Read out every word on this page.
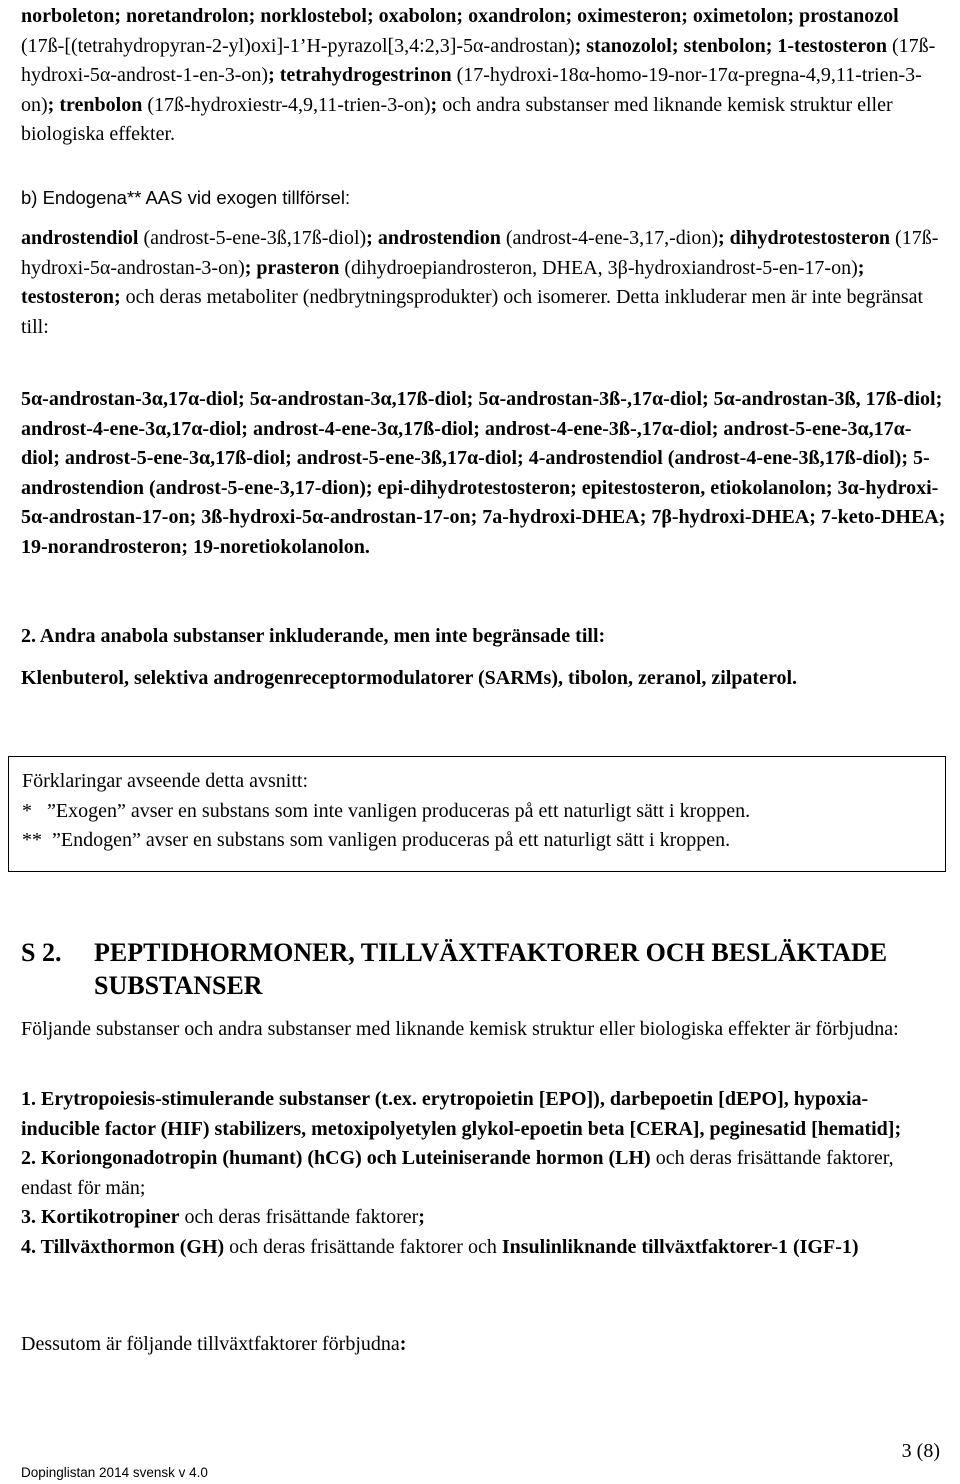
norboleton; noretandrolon; norklostebol; oxabolon; oxandrolon; oximesteron; oximetolon; prostanozol (17ß-[(tetrahydropyran-2-yl)oxi]-1’H-pyrazol[3,4:2,3]-5α-androstan); stanozolol; stenbolon; 1-testosteron (17ß-hydroxi-5α-androst-1-en-3-on); tetrahydrogestrinon (17-hydroxi-18α-homo-19-nor-17α-pregna-4,9,11-trien-3-on); trenbolon (17ß-hydroxiestr-4,9,11-trien-3-on); och andra substanser med liknande kemisk struktur eller biologiska effekter.

b) Endogena** AAS vid exogen tillförsel:

androstendiol (androst-5-ene-3ß,17ß-diol); androstendion (androst-4-ene-3,17,-dion); dihydrotestosteron (17ß-hydroxi-5α-androstan-3-on); prasteron (dihydroepiandrosteron, DHEA, 3β-hydroxiandrost-5-en-17-on); testosteron; och deras metaboliter (nedbrytningsprodukter) och isomerer. Detta inkluderar men är inte begränsat till:

5α-androstan-3α,17α-diol; 5α-androstan-3α,17ß-diol; 5α-androstan-3ß-,17α-diol; 5α-androstan-3ß, 17ß-diol; androst-4-ene-3α,17α-diol; androst-4-ene-3α,17ß-diol; androst-4-ene-3ß-,17α-diol; androst-5-ene-3α,17α-diol; androst-5-ene-3α,17ß-diol; androst-5-ene-3ß,17α-diol; 4-androstendiol (androst-4-ene-3ß,17ß-diol); 5-androstendion (androst-5-ene-3,17-dion); epi-dihydrotestosteron; epitestosteron, etiokolanolon; 3α-hydroxi-5α-androstan-17-on; 3ß-hydroxi-5α-androstan-17-on; 7a-hydroxi-DHEA; 7β-hydroxi-DHEA; 7-keto-DHEA; 19-norandrosteron; 19-noretiokolanolon.

2. Andra anabola substanser inkluderande, men inte begränsade till:

Klenbuterol, selektiva androgenreceptormodulatorer (SARMs), tibolon, zeranol, zilpaterol.

Förklaringar avseende detta avsnitt:

*   ”Exogen” avser en substans som inte vanligen produceras på ett naturligt sätt i kroppen.

**  ”Endogen” avser en substans som vanligen produceras på ett naturligt sätt i kroppen.

S 2. PEPTIDHORMONER, TILLVÄXTFAKTORER OCH BESLÄKTADE SUBSTANSER

Följande substanser och andra substanser med liknande kemisk struktur eller biologiska effekter är förbjudna:

1. Erytropoiesis-stimulerande substanser (t.ex. erytropoietin [EPO]), darbepoetin [dEPO], hypoxia-inducible factor (HIF) stabilizers, metoxipolyetylen glykol-epoetin beta [CERA], peginesatid [hematid];

2. Koriongonadotropin (humant) (hCG) och Luteiniserande hormon (LH) och deras frisättande faktorer, endast för män;

3. Kortikotropiner och deras frisättande faktorer;

4. Tillväxthormon (GH) och deras frisättande faktorer och Insulinliknande tillväxtfaktorer-1 (IGF-1)

Dessutom är följande tillväxtfaktorer förbjudna:

Dopinglistan 2014 svensk v 4.0
3 (8)
